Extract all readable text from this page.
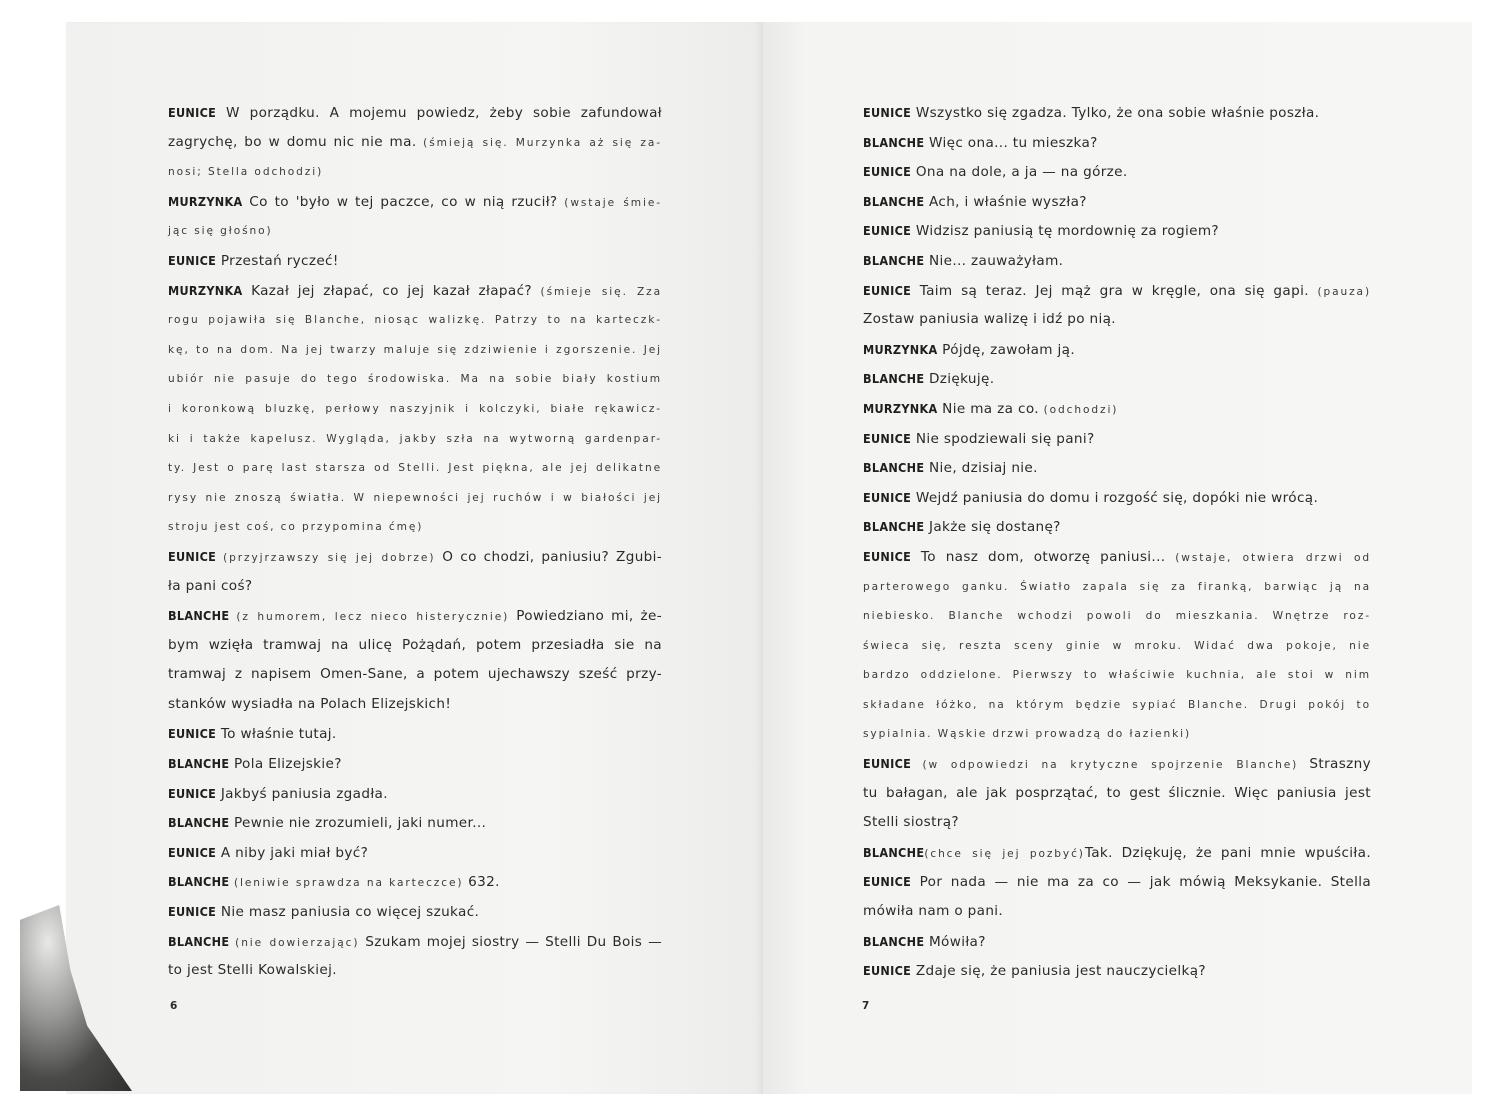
EUNICE W porządku. A mojemu powiedz, żeby sobie zafundował
zagrychę, bo w domu nic nie ma. (śmieją się. Murzynka aż się za-
nosi; Stella odchodzi)
MURZYNKA Co to 'było w tej paczce, co w nią rzucił? (wstaje śmie-
jąc się głośno)
EUNICE Przestań ryczeć!
MURZYNKA Kazał jej złapać, co jej kazał złapać? (śmieje się. Zza
rogu pojawiła się Blanche, niosąc walizkę. Patrzy to na karteczk-
kę, to na dom. Na jej twarzy maluje się zdziwienie i zgorszenie. Jej
ubiór nie pasuje do tego środowiska. Ma na sobie biały kostium
i koronkową bluzkę, perłowy naszyjnik i kolczyki, białe rękawicz-
ki i także kapelusz. Wygląda, jakby szła na wytworną gardenpar-
ty. Jest o parę last starsza od Stelli. Jest piękna, ale jej delikatne
rysy nie znoszą światła. W niepewności jej ruchów i w białości jej
stroju jest coś, co przypomina ćmę)
EUNICE (przyjrzawszy się jej dobrze) O co chodzi, paniusiu? Zgubi-
ła pani coś?
BLANCHE (z humorem, lecz nieco histerycznie) Powiedziano mi, że-
bym wzięła tramwaj na ulicę Pożądań, potem przesiadła sie na
tramwaj z napisem Omen-Sane, a potem ujechawszy sześć przy-
stanków wysiadła na Polach Elizejskich!
EUNICE To właśnie tutaj.
BLANCHE Pola Elizejskie?
EUNICE Jakbyś paniusia zgadła.
BLANCHE Pewnie nie zrozumieli, jaki numer...
EUNICE A niby jaki miał być?
BLANCHE (leniwie sprawdza na karteczce) 632.
EUNICE Nie masz paniusia co więcej szukać.
BLANCHE (nie dowierzając) Szukam mojej siostry — Stelli Du Bois —
to jest Stelli Kowalskiej.
6
EUNICE Wszystko się zgadza. Tylko, że ona sobie właśnie poszła.
BLANCHE Więc ona... tu mieszka?
EUNICE Ona na dole, a ja — na górze.
BLANCHE Ach, i właśnie wyszła?
EUNICE Widzisz paniusią tę mordownię za rogiem?
BLANCHE Nie... zauważyłam.
EUNICE Taim są teraz. Jej mąż gra w kręgle, ona się gapi. (pauza)
Zostaw paniusia walizę i idź po nią.
MURZYNKA Pójdę, zawołam ją.
BLANCHE Dziękuję.
MURZYNKA Nie ma za co. (odchodzi)
EUNICE Nie spodziewali się pani?
BLANCHE Nie, dzisiaj nie.
EUNICE Wejdź paniusia do domu i rozgość się, dopóki nie wrócą.
BLANCHE Jakże się dostanę?
EUNICE To nasz dom, otworzę paniusi... (wstaje, otwiera drzwi od
parterowego ganku. Światło zapala się za firanką, barwiąc ją na
niebiesko. Blanche wchodzi powoli do mieszkania. Wnętrze roz-
świeca się, reszta sceny ginie w mroku. Widać dwa pokoje, nie
bardzo oddzielone. Pierwszy to właściwie kuchnia, ale stoi w nim
składane łóżko, na którym będzie sypiać Blanche. Drugi pokój to
sypialnia. Wąskie drzwi prowadzą do łazienki)
EUNICE (w odpowiedzi na krytyczne spojrzenie Blanche) Straszny
tu bałagan, ale jak posprzątać, to gest ślicznie. Więc paniusia jest
Stelli siostrą?
BLANCHE(chce się jej pozbyć)Tak. Dziękuję, że pani mnie wpuściła.
EUNICE Por nada — nie ma za co — jak mówią Meksykanie. Stella
mówiła nam o pani.
BLANCHE Mówiła?
EUNICE Zdaje się, że paniusia jest nauczycielką?
7
